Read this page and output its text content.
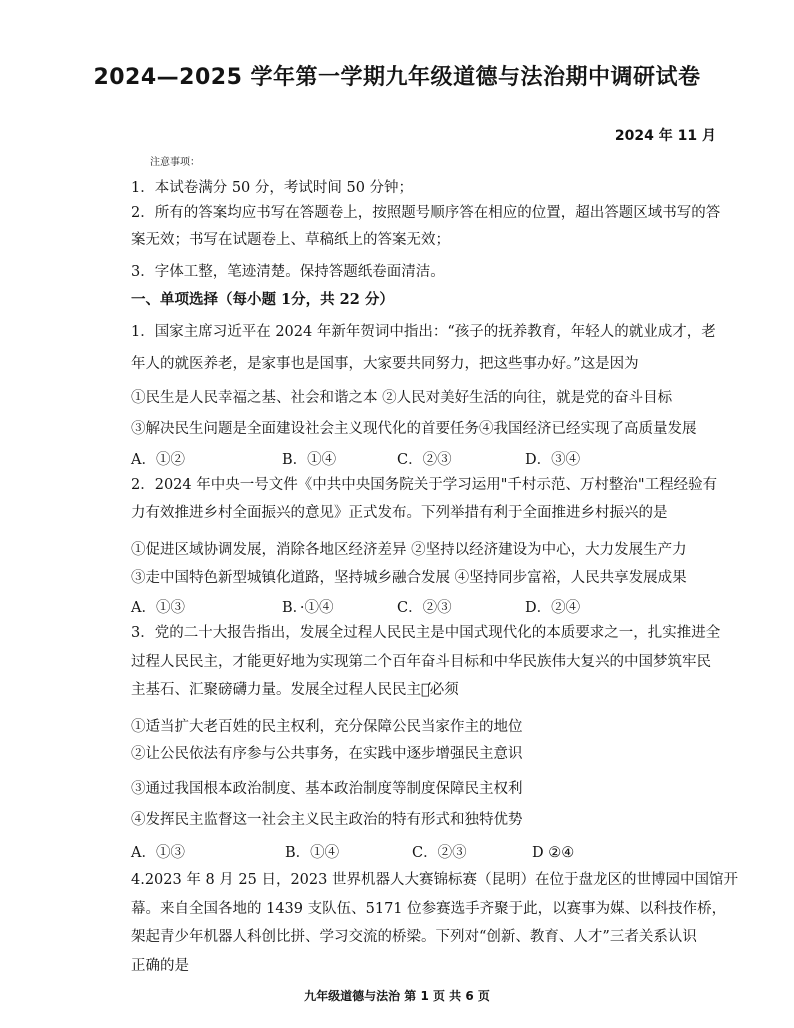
2024—2025 学年第一学期九年级道德与法治期中调研试卷
2024 年 11 月
注意事项：
1．本试卷满分 50 分，考试时间 50 分钟；
2．所有的答案均应书写在答题卷上，按照题号顺序答在相应的位置，超出答题区域书写的答
案无效；书写在试题卷上、草稿纸上的答案无效；
3．字体工整，笔迹清楚。保持答题纸卷面清洁。
一、单项选择（每小题 1分，共 22 分）
1．国家主席习近平在 2024 年新年贺词中指出：“孩子的抚养教育，年轻人的就业成才，老
年人的就医养老，是家事也是国事，大家要共同努力，把这些事办好。”这是因为
①民生是人民幸福之基、社会和谐之本 ②人民对美好生活的向往，就是党的奋斗目标
③解决民生问题是全面建设社会主义现代化的首要任务④我国经济已经实现了高质量发展
A．①②	B．①④	C．②③	D．③④
2．2024 年中央一号文件《中共中央国务院关于学习运用"千村示范、万村整治"工程经验有
力有效推进乡村全面振兴的意见》正式发布。下列举措有利于全面推进乡村振兴的是
①促进区域协调发展，消除各地区经济差异 ②坚持以经济建设为中心，大力发展生产力
③走中国特色新型城镇化道路，坚持城乡融合发展 ④坚持同步富裕，人民共享发展成果
A．①③	B．·①④	C．②③	D．②④
3．党的二十大报告指出，发展全过程人民民主是中国式现代化的本质要求之一，扎实推进全
过程人民民主，才能更好地为实现第二个百年奋斗目标和中华民族伟大复兴的中国梦筑牢民
主基石、汇聚磅礴力量。发展全过程人民民主，̕必须
①适当扩大老百姓的民主权利，充分保障公民当家作主的地位
②让公民依法有序参与公共事务，在实践中逐步增强民主意识
③通过我国根本政治制度、基本政治制度等制度保障民主权利
④发挥民主监督这一社会主义民主政治的特有形式和独特优势
A．①③	B．①④	C．②③	D ②④
4.2023 年 8 月 25 日，2023 世界机器人大赛锦标赛（昆明）在位于盘龙区的世博园中国馆开
幕。来自全国各地的 1439 支队伍、5171 位参赛选手齐聚于此，以赛事为媒、以科技作桥，
架起青少年机器人科创比拼、学习交流的桥梁。下列对“创新、教育、人才”三者关系认识
正确的是
九年级道德与法治 第 1 页 共 6 页
